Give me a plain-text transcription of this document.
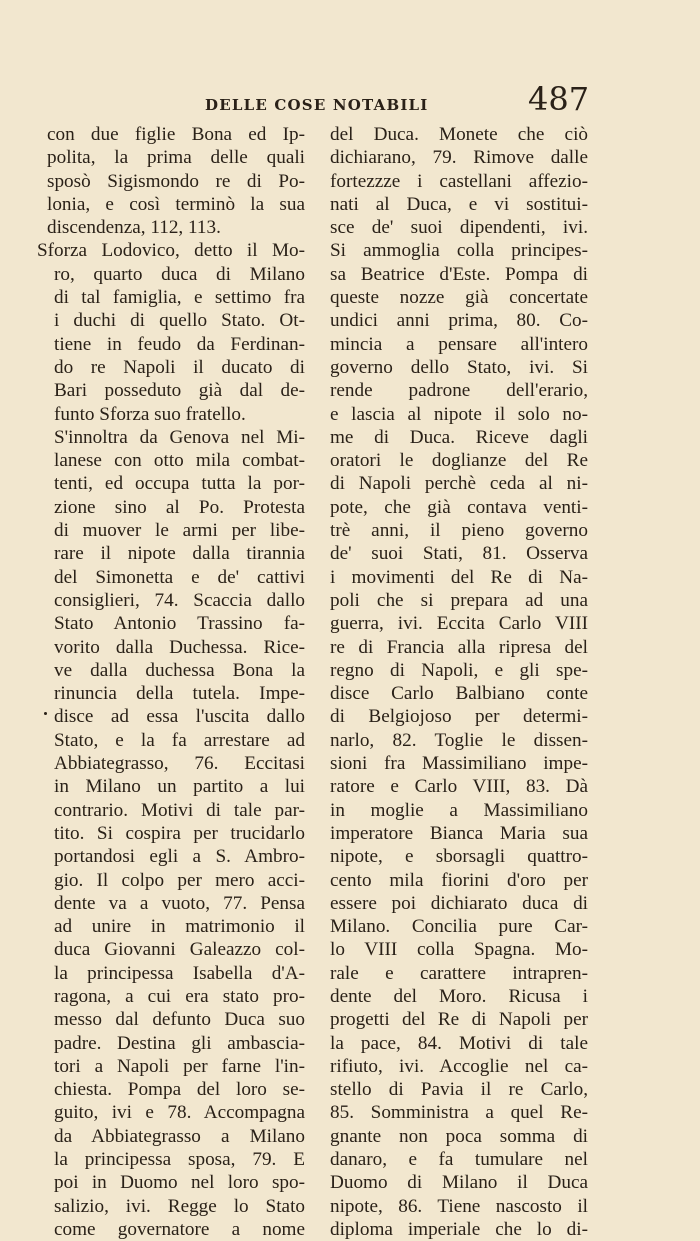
DELLE COSE NOTABILI	487
con due figlie Bona ed Ip-
polita, la prima delle quali
sposò Sigismondo re di Po-
lonia, e così terminò la sua
discendenza, 112, 113.
Sforza Lodovico, detto il Mo-
ro, quarto duca di Milano
di tal famiglia, e settimo fra
i duchi di quello Stato. Ot-
tiene in feudo da Ferdinan-
do re Napoli il ducato di
Bari posseduto già dal de-
funto Sforza suo fratello.
S'innoltra da Genova nel Mi-
lanese con otto mila combat-
tenti, ed occupa tutta la por-
zione sino al Po. Protesta
di muover le armi per libe-
rare il nipote dalla tirannia
del Simonetta e de' cattivi
consiglieri, 74. Scaccia dallo
Stato Antonio Trassino fa-
vorito dalla Duchessa. Rice-
ve dalla duchessa Bona la
rinuncia della tutela. Impe-
disce ad essa l'uscita dallo
Stato, e la fa arrestare ad
Abbiategrasso, 76. Eccitasi
in Milano un partito a lui
contrario. Motivi di tale par-
tito. Si cospira per trucidarlo
portandosi egli a S. Ambro-
gio. Il colpo per mero acci-
dente va a vuoto, 77. Pensa
ad unire in matrimonio il
duca Giovanni Galeazzo col-
la principessa Isabella d'A-
ragona, a cui era stato pro-
messo dal defunto Duca suo
padre. Destina gli ambascia-
tori a Napoli per farne l'in-
chiesta. Pompa del loro se-
guito, ivi e 78. Accompagna
da Abbiategrasso a Milano
la principessa sposa, 79. E
poi in Duomo nel loro spo-
salizio, ivi. Regge lo Stato
come governatore a nome
del Duca. Monete che ciò
dichiarano, 79. Rimove dalle
fortezzze i castellani affezio-
nati al Duca, e vi sostitui-
sce de' suoi dipendenti, ivi.
Si ammoglia colla principes-
sa Beatrice d'Este. Pompa di
queste nozze già concertate
undici anni prima, 80. Co-
mincia a pensare all'intero
governo dello Stato, ivi. Si
rende padrone dell'erario,
e lascia al nipote il solo no-
me di Duca. Riceve dagli
oratori le doglianze del Re
di Napoli perchè ceda al ni-
pote, che già contava venti-
trè anni, il pieno governo
de' suoi Stati, 81. Osserva
i movimenti del Re di Na-
poli che si prepara ad una
guerra, ivi. Eccita Carlo VIII
re di Francia alla ripresa del
regno di Napoli, e gli spe-
disce Carlo Balbiano conte
di Belgiojoso per determi-
narlo, 82. Toglie le dissen-
sioni fra Massimiliano impe-
ratore e Carlo VIII, 83. Dà
in moglie a Massimiliano
imperatore Bianca Maria sua
nipote, e sborsagli quattro-
cento mila fiorini d'oro per
essere poi dichiarato duca di
Milano. Concilia pure Car-
lo VIII colla Spagna. Mo-
rale e carattere intrapren-
dente del Moro. Ricusa i
progetti del Re di Napoli per
la pace, 84. Motivi di tale
rifiuto, ivi. Accoglie nel ca-
stello di Pavia il re Carlo,
85. Somministra a quel Re-
gnante non poca somma di
danaro, e fa tumulare nel
Duomo di Milano il Duca
nipote, 86. Tiene nascosto il
diploma imperiale che lo di-
